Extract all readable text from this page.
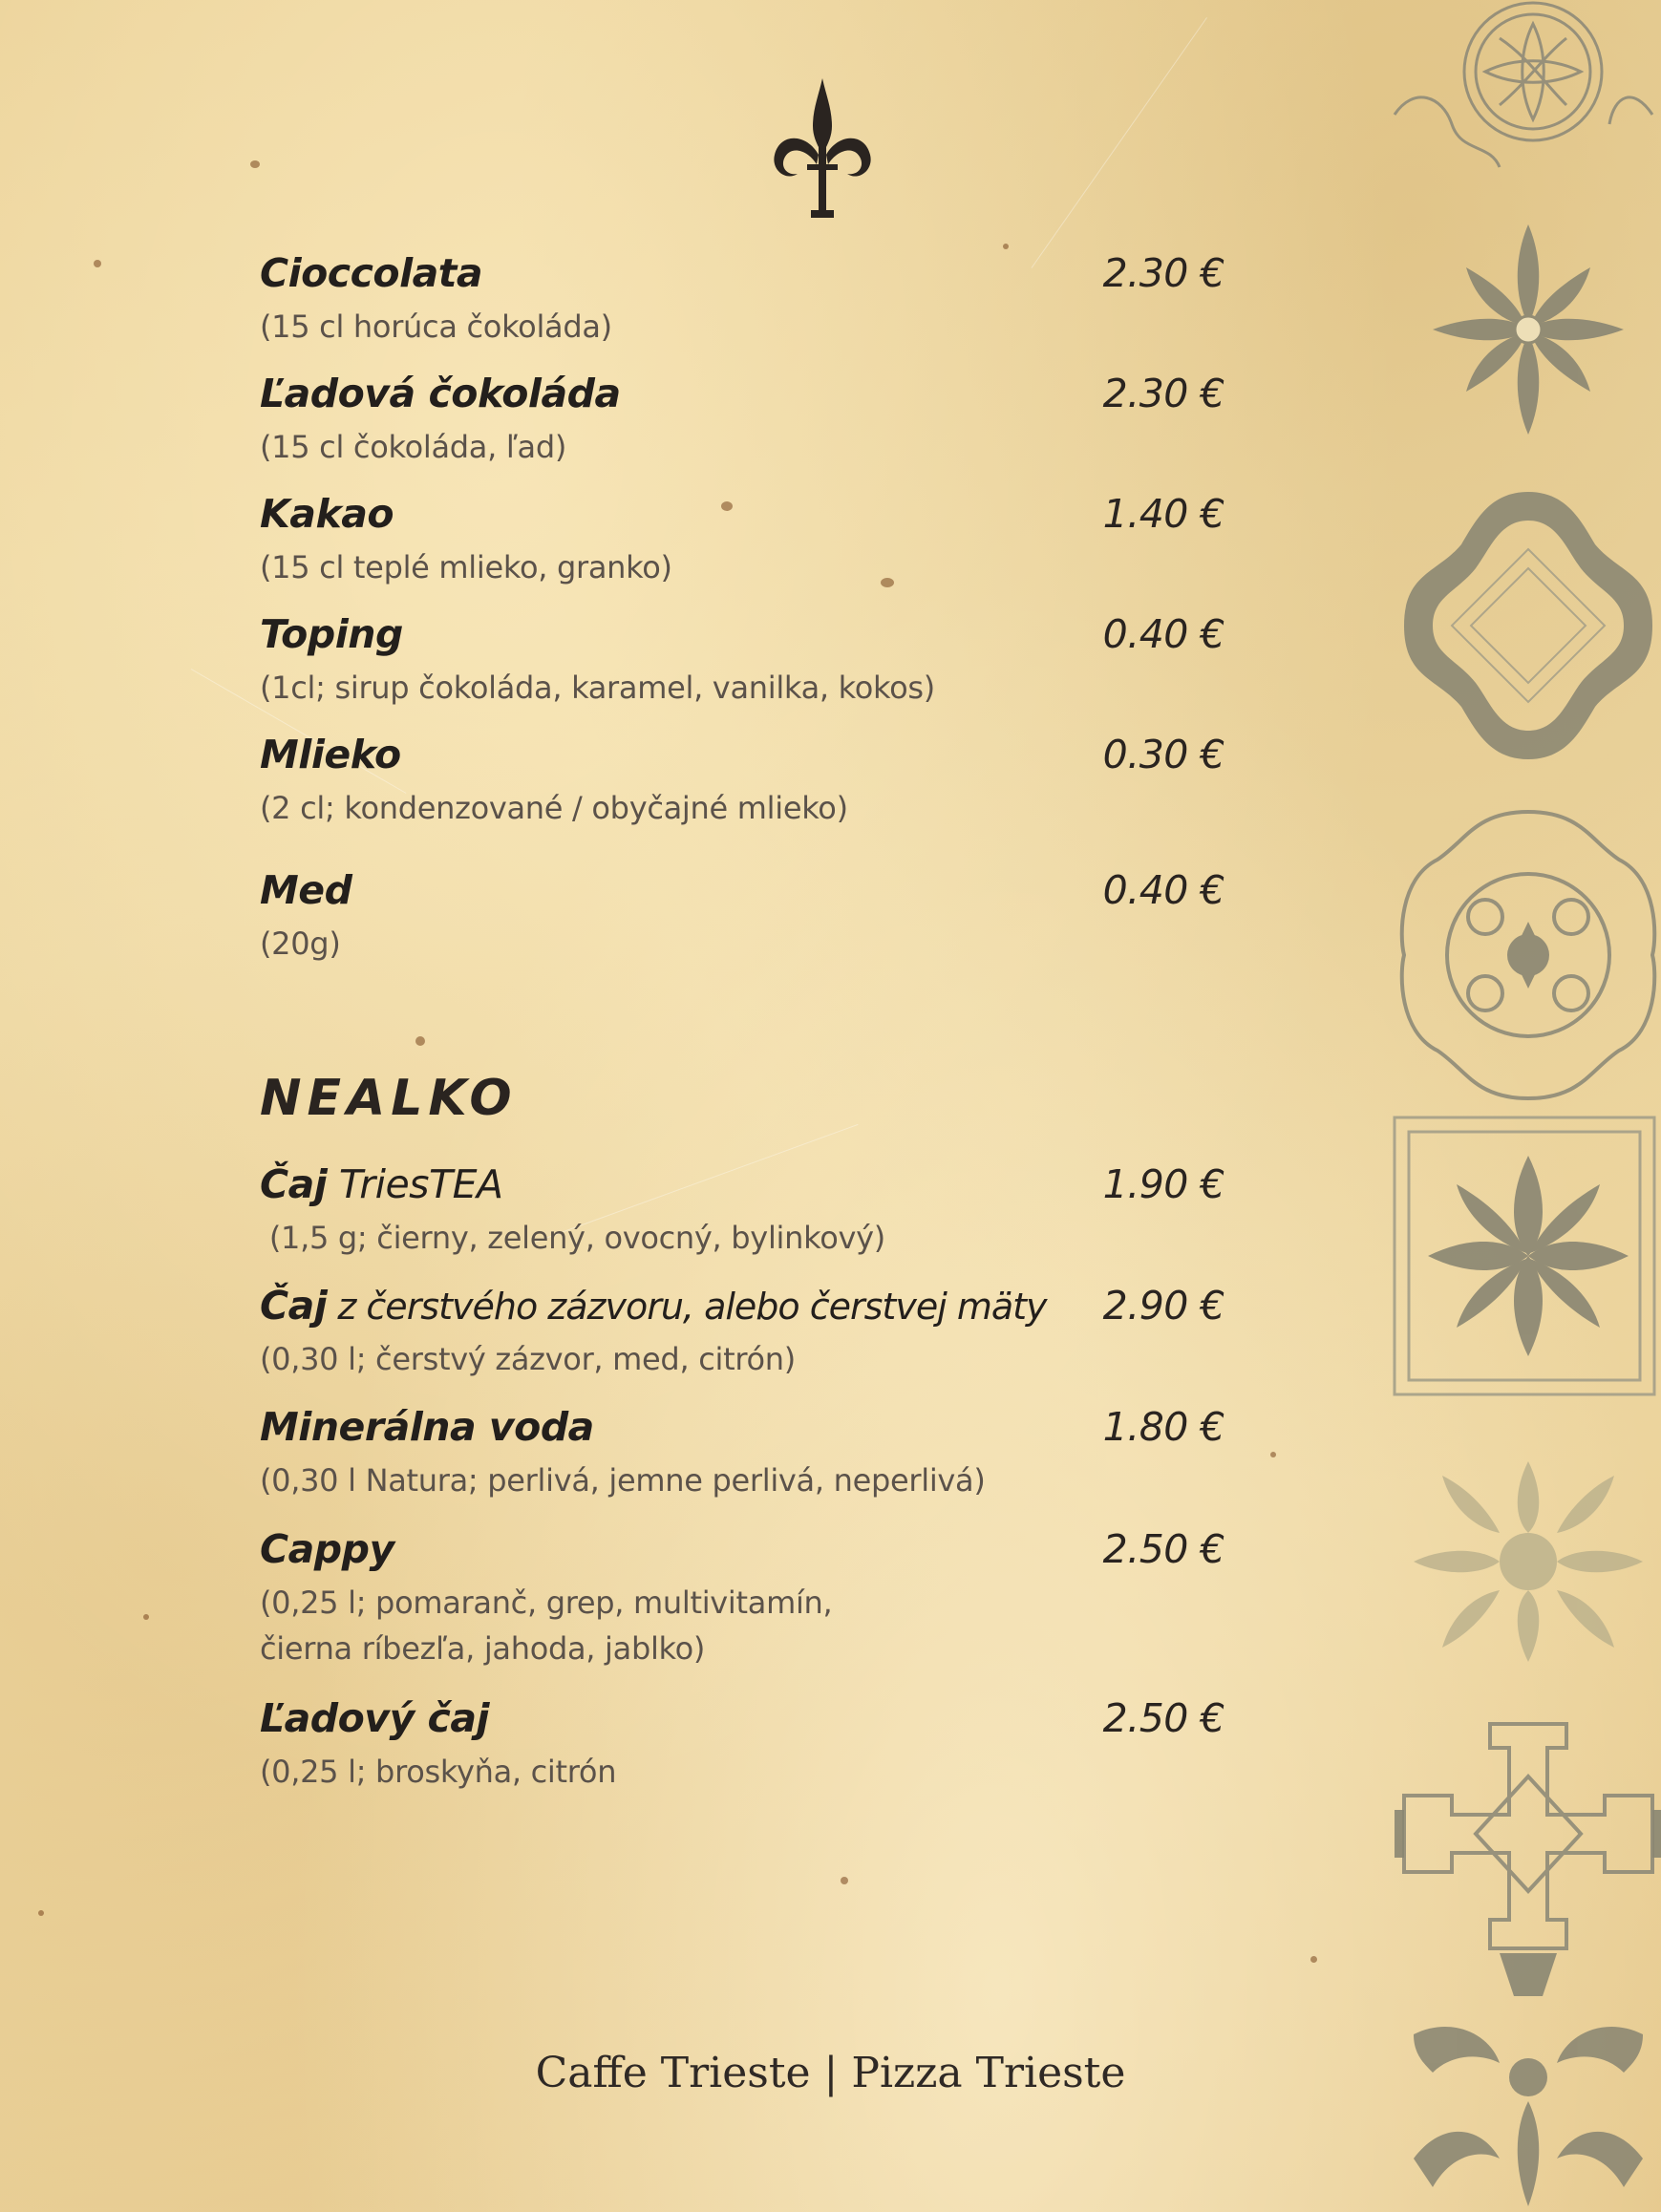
Cioccolata
(15 cl horúca čokoláda)
2.30 €
Ľadová čokoláda
(15 cl čokoláda, ľad)
2.30 €
Kakao
(15 cl teplé mlieko, granko)
1.40 €
Toping
(1cl; sirup čokoláda, karamel, vanilka, kokos)
0.40 €
Mlieko
(2 cl; kondenzované / obyčajné mlieko)
0.30 €
Med
(20g)
0.40 €
NEALKO
Čaj TriesTEA
(1,5 g; čierny, zelený, ovocný, bylinkový)
1.90 €
Čaj z čerstvého zázvoru, alebo čerstvej mäty
(0,30 l; čerstvý zázvor, med, citrón)
2.90 €
Minerálna voda
(0,30 l Natura; perlivá, jemne perlivá, neperlivá)
1.80 €
Cappy
(0,25 l; pomaranč, grep, multivitamín,
čierna ríbezľa, jahoda, jablko)
2.50 €
Ľadový čaj
(0,25 l; broskyňa, citrón
2.50 €
Caffe Trieste | Pizza Trieste
